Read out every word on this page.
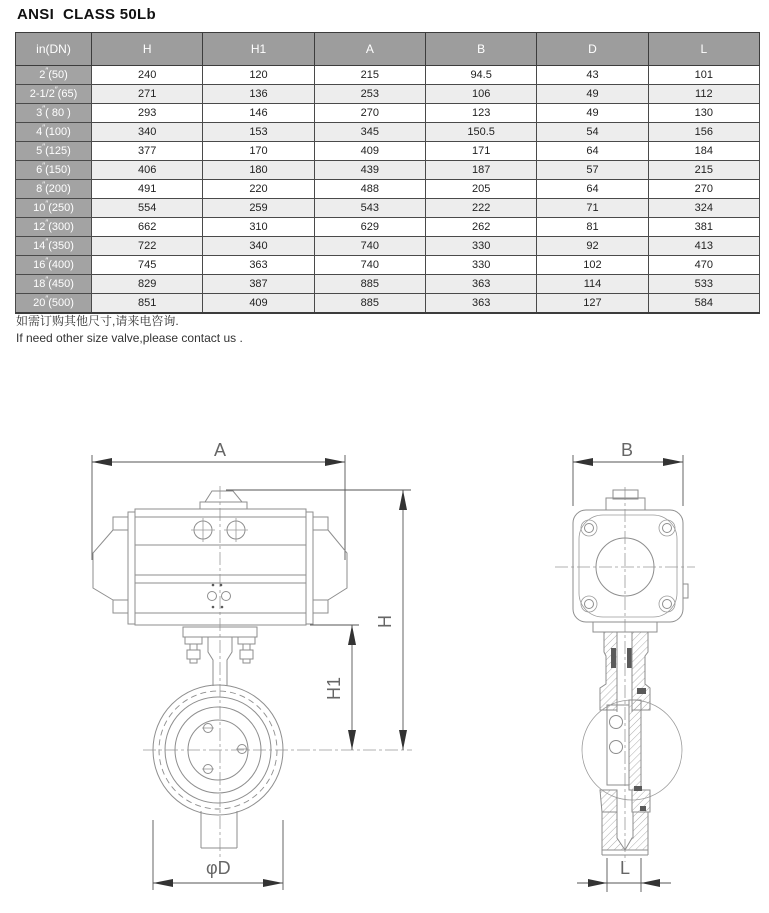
ANSI  CLASS 50Lb
in(DN)	H	H1	A	B	D	L
2″(50)	240	120	215	94.5	43	101
2-1/2″(65)	271	136	253	106	49	112
3″( 80 )	293	146	270	123	49	130
4″(100)	340	153	345	150.5	54	156
5″(125)	377	170	409	171	64	184
6″(150)	406	180	439	187	57	215
8″(200)	491	220	488	205	64	270
10″(250)	554	259	543	222	71	324
12″(300)	662	310	629	262	81	381
14″(350)	722	340	740	330	92	413
16″(400)	745	363	740	330	102	470
18″(450)	829	387	885	363	114	533
20″(500)	851	409	885	363	127	584

如需订购其他尺寸,请来电咨询.

If need other size valve,please contact us .

A
H
H1
φD
B
L
